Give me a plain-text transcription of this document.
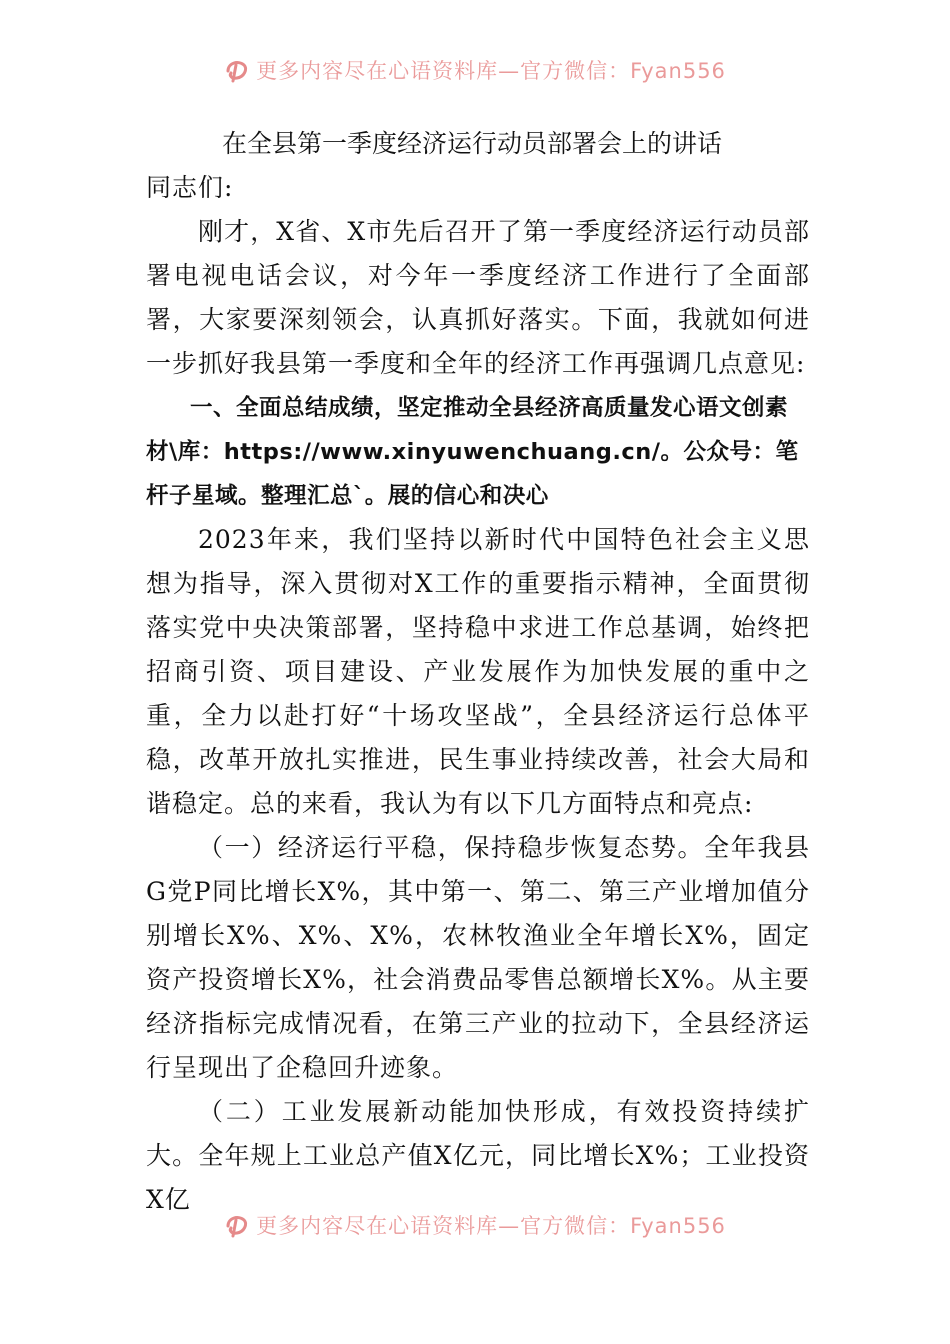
更多内容尽在心语资料库—官方微信：Fyan556
在全县第一季度经济运行动员部署会上的讲话

同志们:

刚才，X省、X市先后召开了第一季度经济运行动员部署电视电话会议，对今年一季度经济工作进行了全面部署，大家要深刻领会，认真抓好落实。下面，我就如何进一步抓好我县第一季度和全年的经济工作再强调几点意见:

一、全面总结成绩，坚定推动全县经济高质量发心语文创素材\库：https://www.xinyuwenchuang.cn/。公众号：笔杆子星域。整理汇总`。展的信心和决心

2023年来，我们坚持以新时代中国特色社会主义思想为指导，深入贯彻对X工作的重要指示精神，全面贯彻落实党中央决策部署，坚持稳中求进工作总基调，始终把招商引资、项目建设、产业发展作为加快发展的重中之重，全力以赴打好“十场攻坚战”，全县经济运行总体平稳，改革开放扎实推进，民生事业持续改善，社会大局和谐稳定。总的来看，我认为有以下几方面特点和亮点:

（一）经济运行平稳，保持稳步恢复态势。全年我县G党P同比增长X%，其中第一、第二、第三产业增加值分别增长X%、X%、X%，农林牧渔业全年增长X%，固定资产投资增长X%，社会消费品零售总额增长X%。从主要经济指标完成情况看，在第三产业的拉动下，全县经济运行呈现出了企稳回升迹象。

（二）工业发展新动能加快形成，有效投资持续扩大。全年规上工业总产值X亿元，同比增长X%；工业投资X亿

更多内容尽在心语资料库—官方微信：Fyan556
